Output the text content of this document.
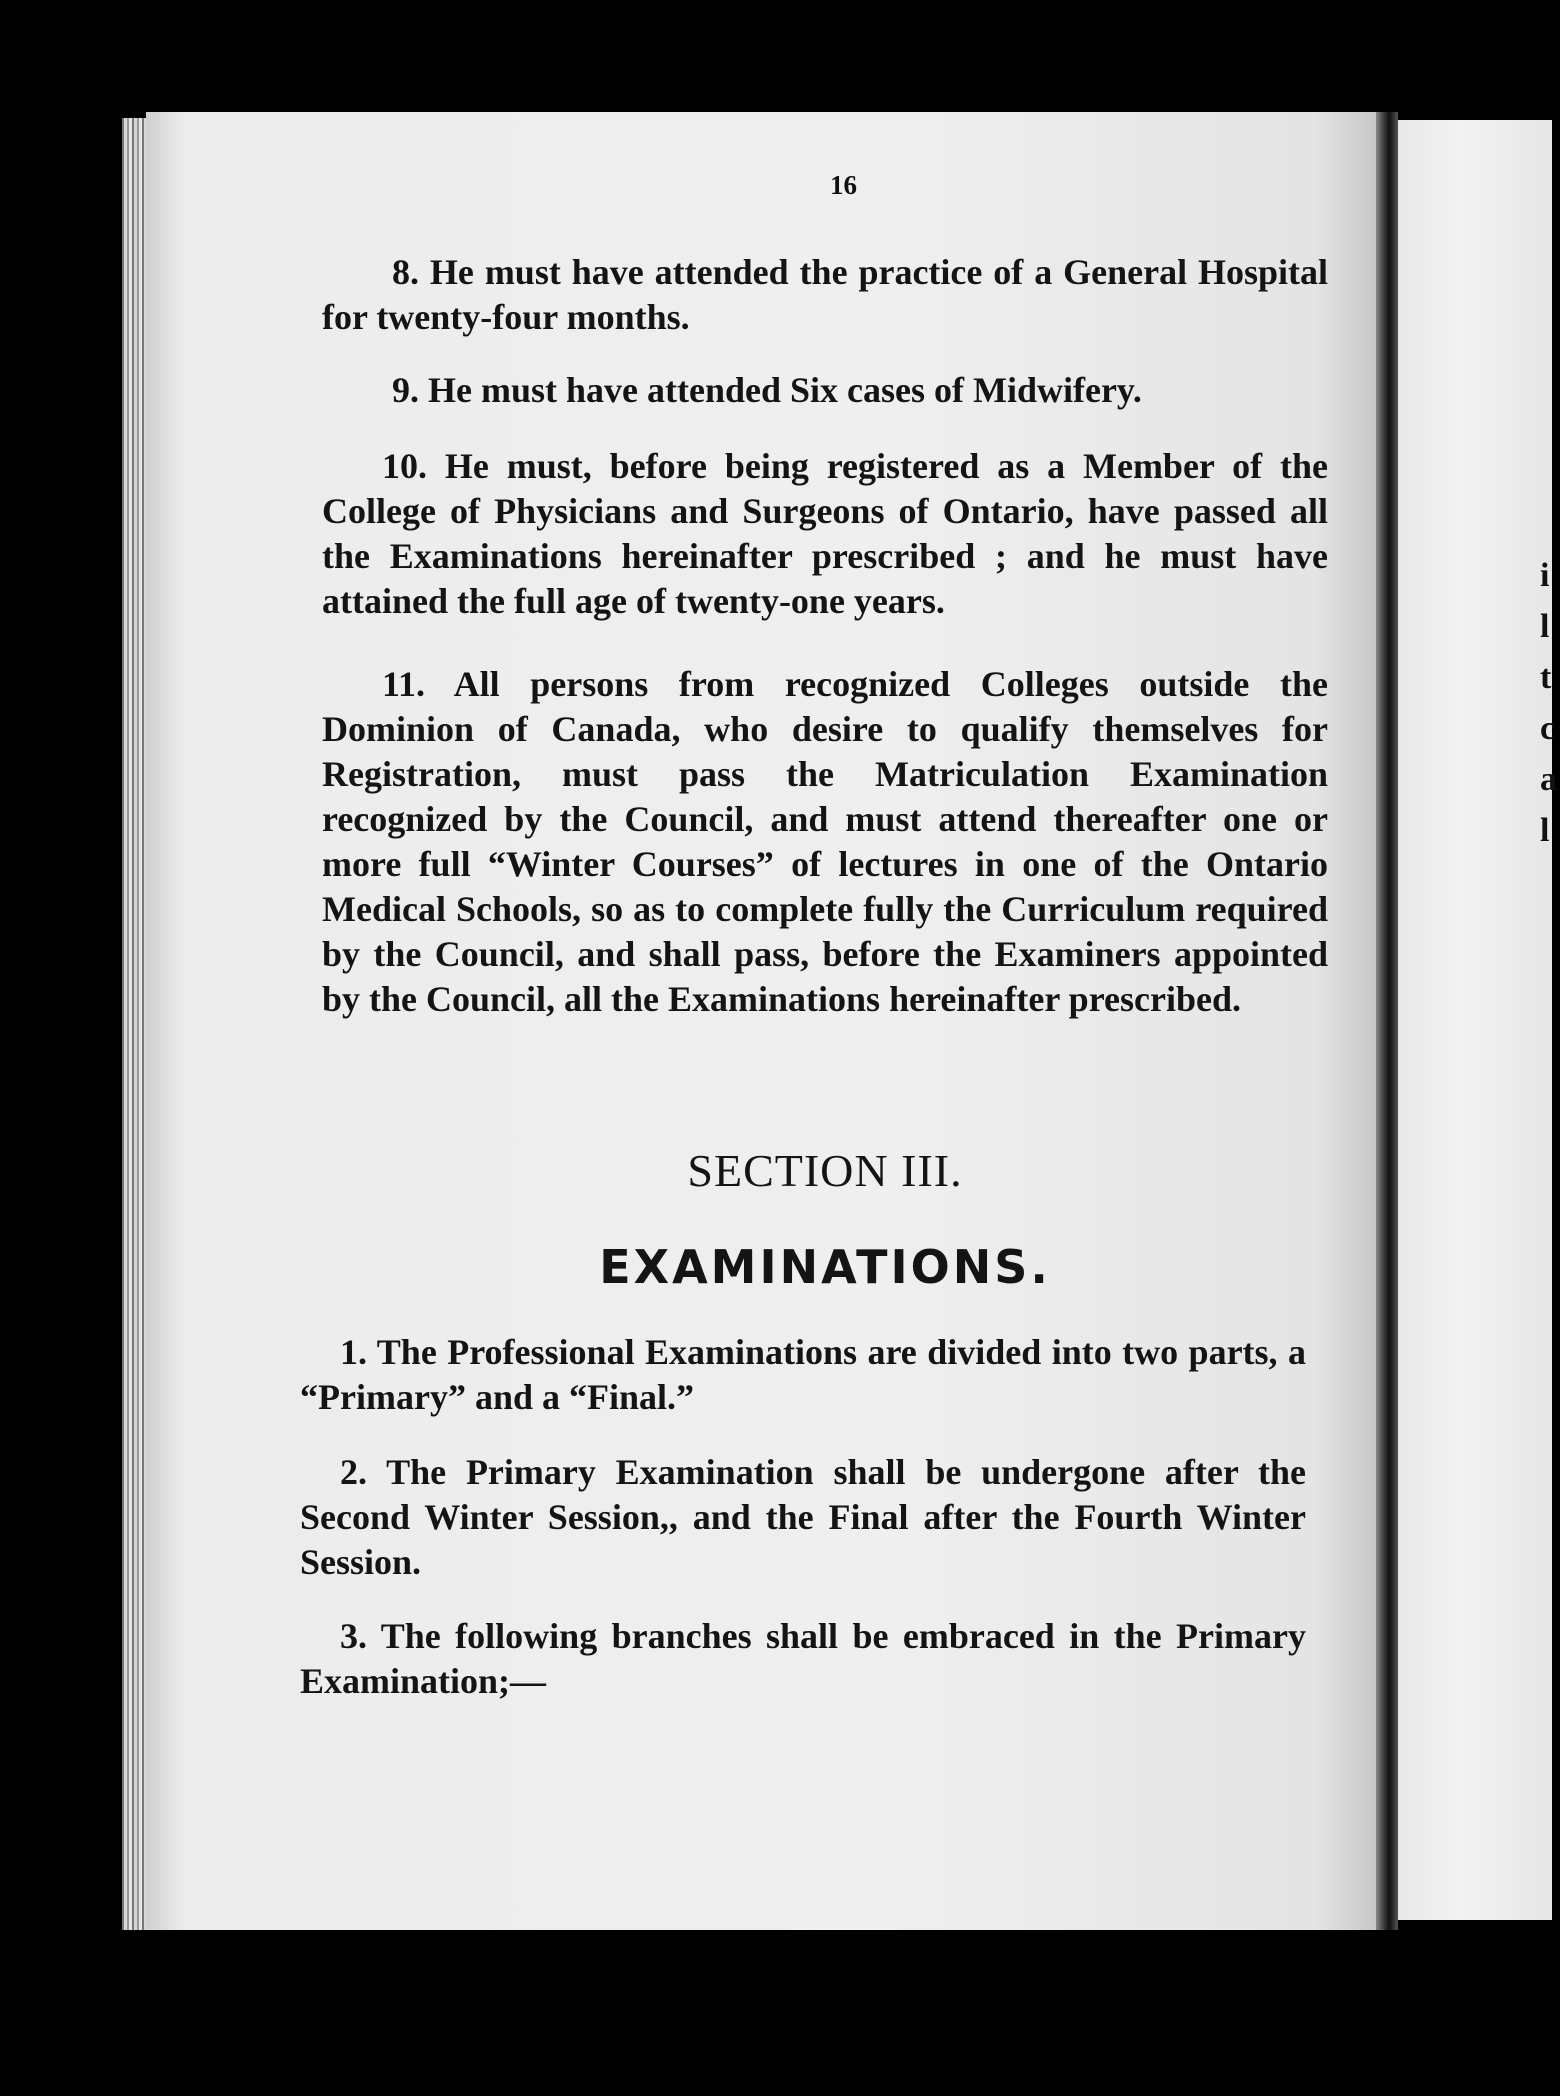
i
l
t
c
a
l
16
8. He must have attended the practice of a General Hospital for twenty-four months.
9. He must have attended Six cases of Midwifery.
10. He must, before being registered as a Member of the College of Physicians and Surgeons of Ontario, have passed all the Examinations hereinafter prescribed ; and he must have attained the full age of twenty-one years.
11. All persons from recognized Colleges outside the Dominion of Canada, who desire to qualify themselves for Registration, must pass the Matriculation Examination recognized by the Council, and must attend thereafter one or more full “Winter Courses” of lectures in one of the Ontario Medical Schools, so as to complete fully the Curriculum required by the Council, and shall pass, before the Examiners appointed by the Council, all the Examinations hereinafter prescribed.
SECTION III.
EXAMINATIONS.
1. The Professional Examinations are divided into two parts, a “Primary” and a “Final.”
2. The Primary Examination shall be undergone after the Second Winter Session,, and the Final after the Fourth Winter Session.
3. The following branches shall be embraced in the Primary Examination;—
